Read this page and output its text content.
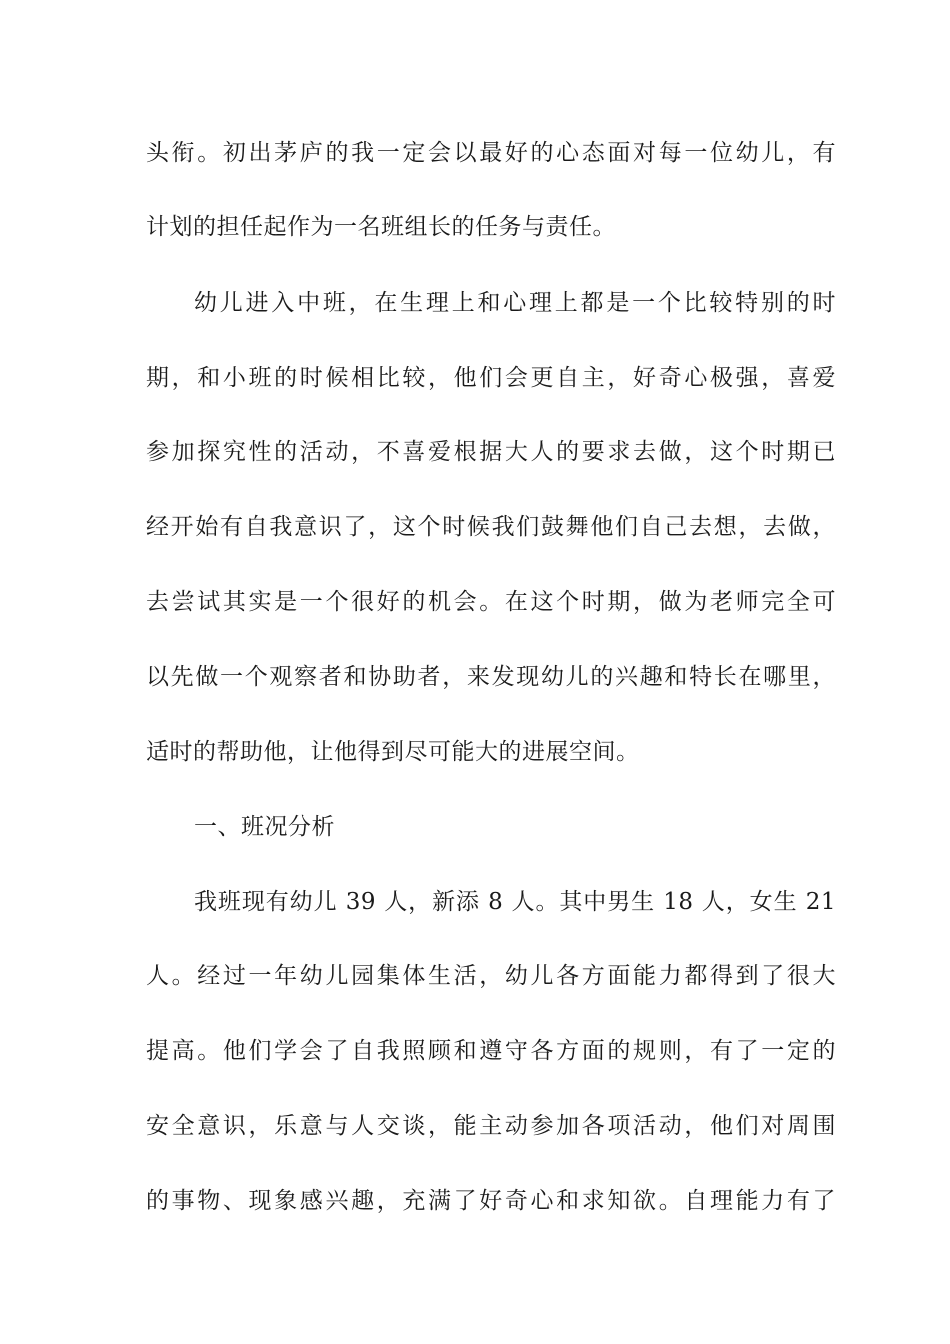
头衔。初出茅庐的我一定会以最好的心态面对每一位幼儿，有
计划的担任起作为一名班组长的任务与责任。
幼儿进入中班，在生理上和心理上都是一个比较特别的时
期，和小班的时候相比较，他们会更自主，好奇心极强，喜爱
参加探究性的活动，不喜爱根据大人的要求去做，这个时期已
经开始有自我意识了，这个时候我们鼓舞他们自己去想，去做，
去尝试其实是一个很好的机会。在这个时期，做为老师完全可
以先做一个观察者和协助者，来发现幼儿的兴趣和特长在哪里，
适时的帮助他，让他得到尽可能大的进展空间。
一、班况分析
我班现有幼儿 39 人，新添 8 人。其中男生 18 人，女生 21
人。经过一年幼儿园集体生活，幼儿各方面能力都得到了很大
提高。他们学会了自我照顾和遵守各方面的规则，有了一定的
安全意识，乐意与人交谈，能主动参加各项活动，他们对周围
的事物、现象感兴趣，充满了好奇心和求知欲。自理能力有了
